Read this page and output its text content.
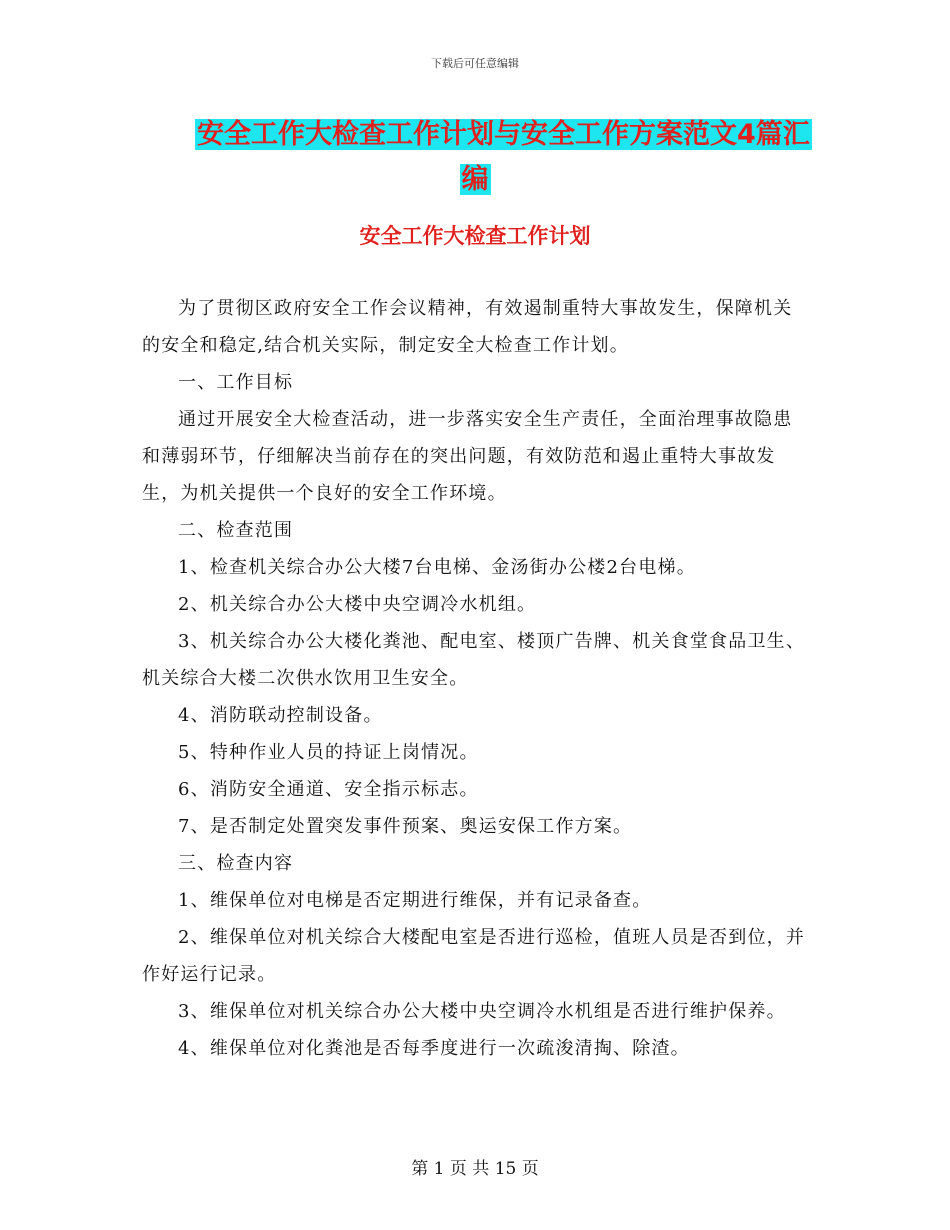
下载后可任意编辑
安全工作大检查工作计划与安全工作方案范文4篇汇
编
安全工作大检查工作计划

为了贯彻区政府安全工作会议精神，有效遏制重特大事故发生，保障机关的安全和稳定,结合机关实际，制定安全大检查工作计划。

一、工作目标

通过开展安全大检查活动，进一步落实安全生产责任，全面治理事故隐患和薄弱环节，仔细解决当前存在的突出问题，有效防范和遏止重特大事故发生，为机关提供一个良好的安全工作环境。

二、检查范围

1、检查机关综合办公大楼7台电梯、金汤街办公楼2台电梯。

2、机关综合办公大楼中央空调冷水机组。

3、机关综合办公大楼化粪池、配电室、楼顶广告牌、机关食堂食品卫生、机关综合大楼二次供水饮用卫生安全。

4、消防联动控制设备。

5、特种作业人员的持证上岗情况。

6、消防安全通道、安全指示标志。

7、是否制定处置突发事件预案、奥运安保工作方案。

三、检查内容

1、维保单位对电梯是否定期进行维保，并有记录备查。

2、维保单位对机关综合大楼配电室是否进行巡检，值班人员是否到位，并作好运行记录。

3、维保单位对机关综合办公大楼中央空调冷水机组是否进行维护保养。

4、维保单位对化粪池是否每季度进行一次疏浚清掏、除渣。

第 1 页 共 15 页
